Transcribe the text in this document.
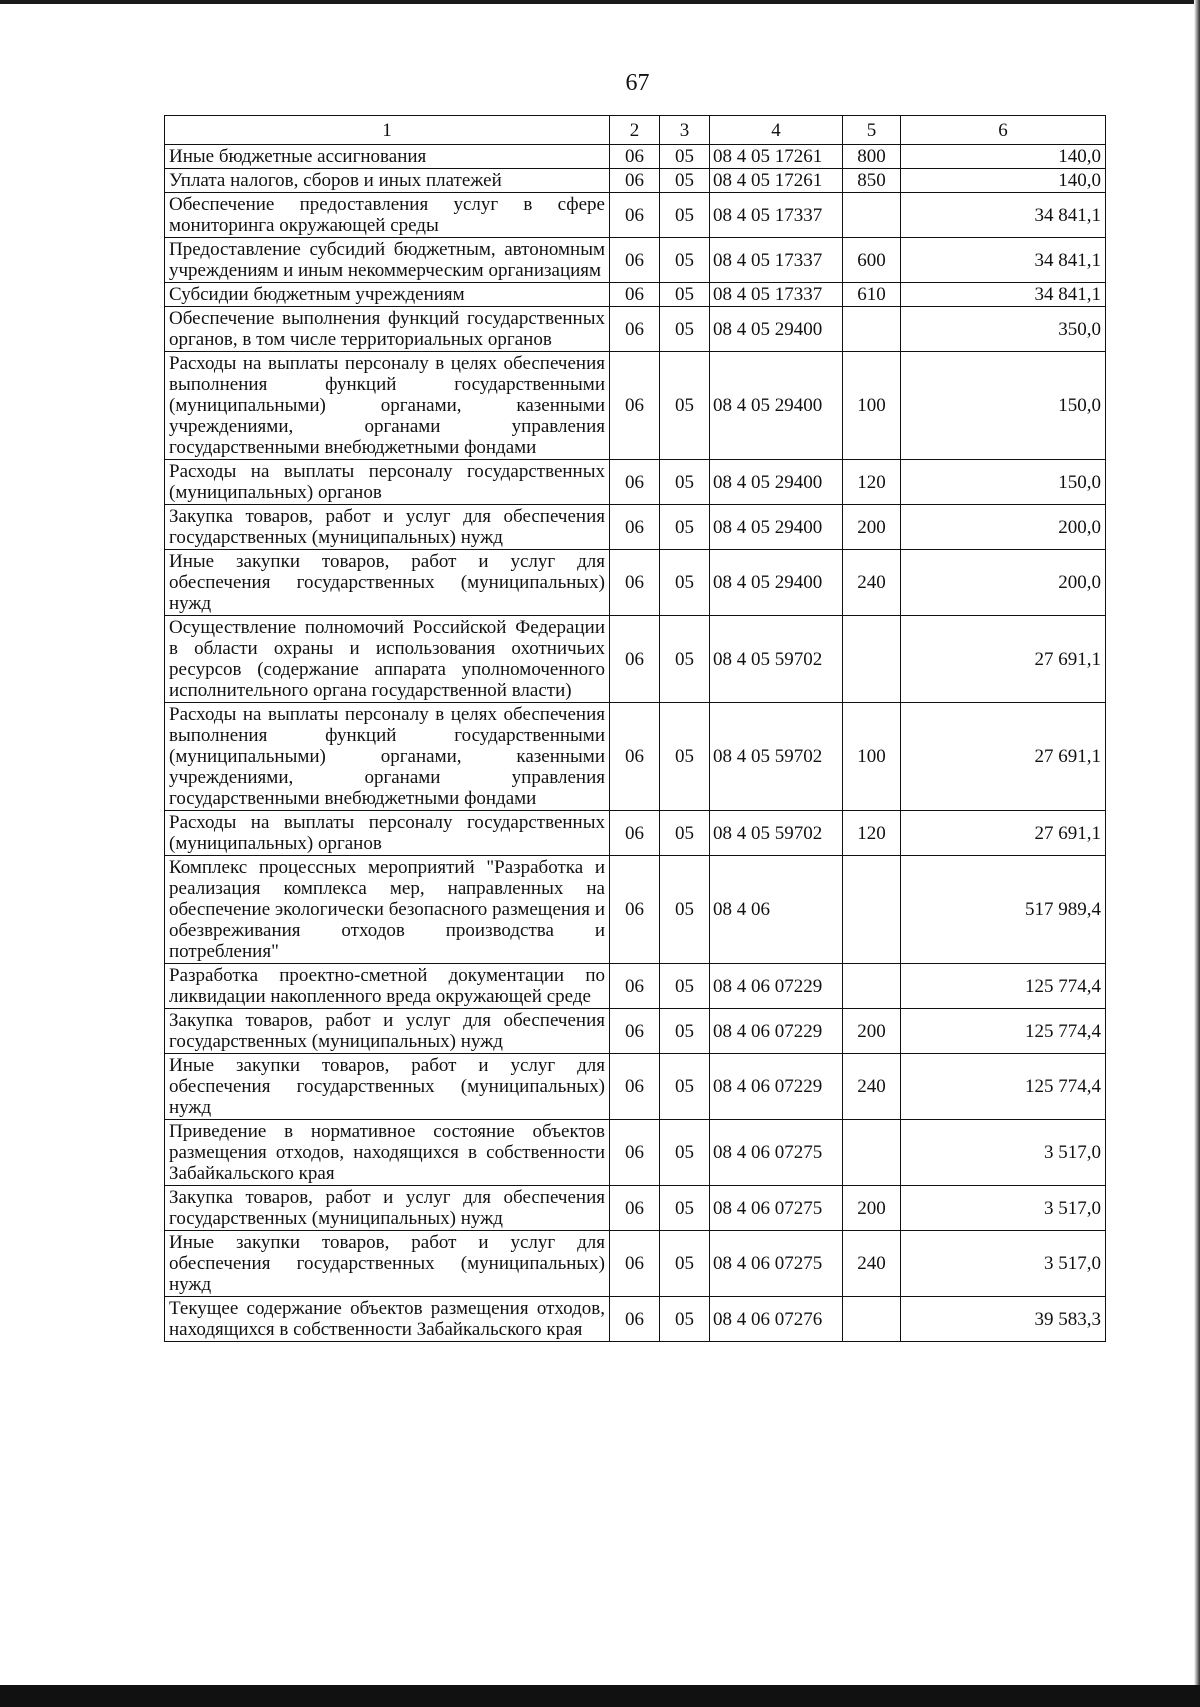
67
1	2	3	4	5	6
Иные бюджетные ассигнования	06	05	08 4 05 17261	800	140,0
Уплата налогов, сборов и иных платежей	06	05	08 4 05 17261	850	140,0
Обеспечение предоставления услуг в сфере мониторинга окружающей среды	06	05	08 4 05 17337		34 841,1
Предоставление субсидий бюджетным, автономным учреждениям и иным некоммерческим организациям	06	05	08 4 05 17337	600	34 841,1
Субсидии бюджетным учреждениям	06	05	08 4 05 17337	610	34 841,1
Обеспечение выполнения функций государственных органов, в том числе территориальных органов	06	05	08 4 05 29400		350,0
Расходы на выплаты персоналу в целях обеспечения выполнения функций государственными (муниципальными) органами, казенными учреждениями, органами управления государственными внебюджетными фондами	06	05	08 4 05 29400	100	150,0
Расходы на выплаты персоналу государственных (муниципальных) органов	06	05	08 4 05 29400	120	150,0
Закупка товаров, работ и услуг для обеспечения государственных (муниципальных) нужд	06	05	08 4 05 29400	200	200,0
Иные закупки товаров, работ и услуг для обеспечения государственных (муниципальных) нужд	06	05	08 4 05 29400	240	200,0
Осуществление полномочий Российской Федерации в области охраны и использования охотничьих ресурсов (содержание аппарата уполномоченного исполнительного органа государственной власти)	06	05	08 4 05 59702		27 691,1
Расходы на выплаты персоналу в целях обеспечения выполнения функций государственными (муниципальными) органами, казенными учреждениями, органами управления государственными внебюджетными фондами	06	05	08 4 05 59702	100	27 691,1
Расходы на выплаты персоналу государственных (муниципальных) органов	06	05	08 4 05 59702	120	27 691,1
Комплекс процессных мероприятий "Разработка и реализация комплекса мер, направленных на обеспечение экологически безопасного размещения и обезвреживания отходов производства и потребления"	06	05	08 4 06		517 989,4
Разработка проектно-сметной документации по ликвидации накопленного вреда окружающей среде	06	05	08 4 06 07229		125 774,4
Закупка товаров, работ и услуг для обеспечения государственных (муниципальных) нужд	06	05	08 4 06 07229	200	125 774,4
Иные закупки товаров, работ и услуг для обеспечения государственных (муниципальных) нужд	06	05	08 4 06 07229	240	125 774,4
Приведение в нормативное состояние объектов размещения отходов, находящихся в собственности Забайкальского края	06	05	08 4 06 07275		3 517,0
Закупка товаров, работ и услуг для обеспечения государственных (муниципальных) нужд	06	05	08 4 06 07275	200	3 517,0
Иные закупки товаров, работ и услуг для обеспечения государственных (муниципальных) нужд	06	05	08 4 06 07275	240	3 517,0
Текущее содержание объектов размещения отходов, находящихся в собственности Забайкальского края	06	05	08 4 06 07276		39 583,3
